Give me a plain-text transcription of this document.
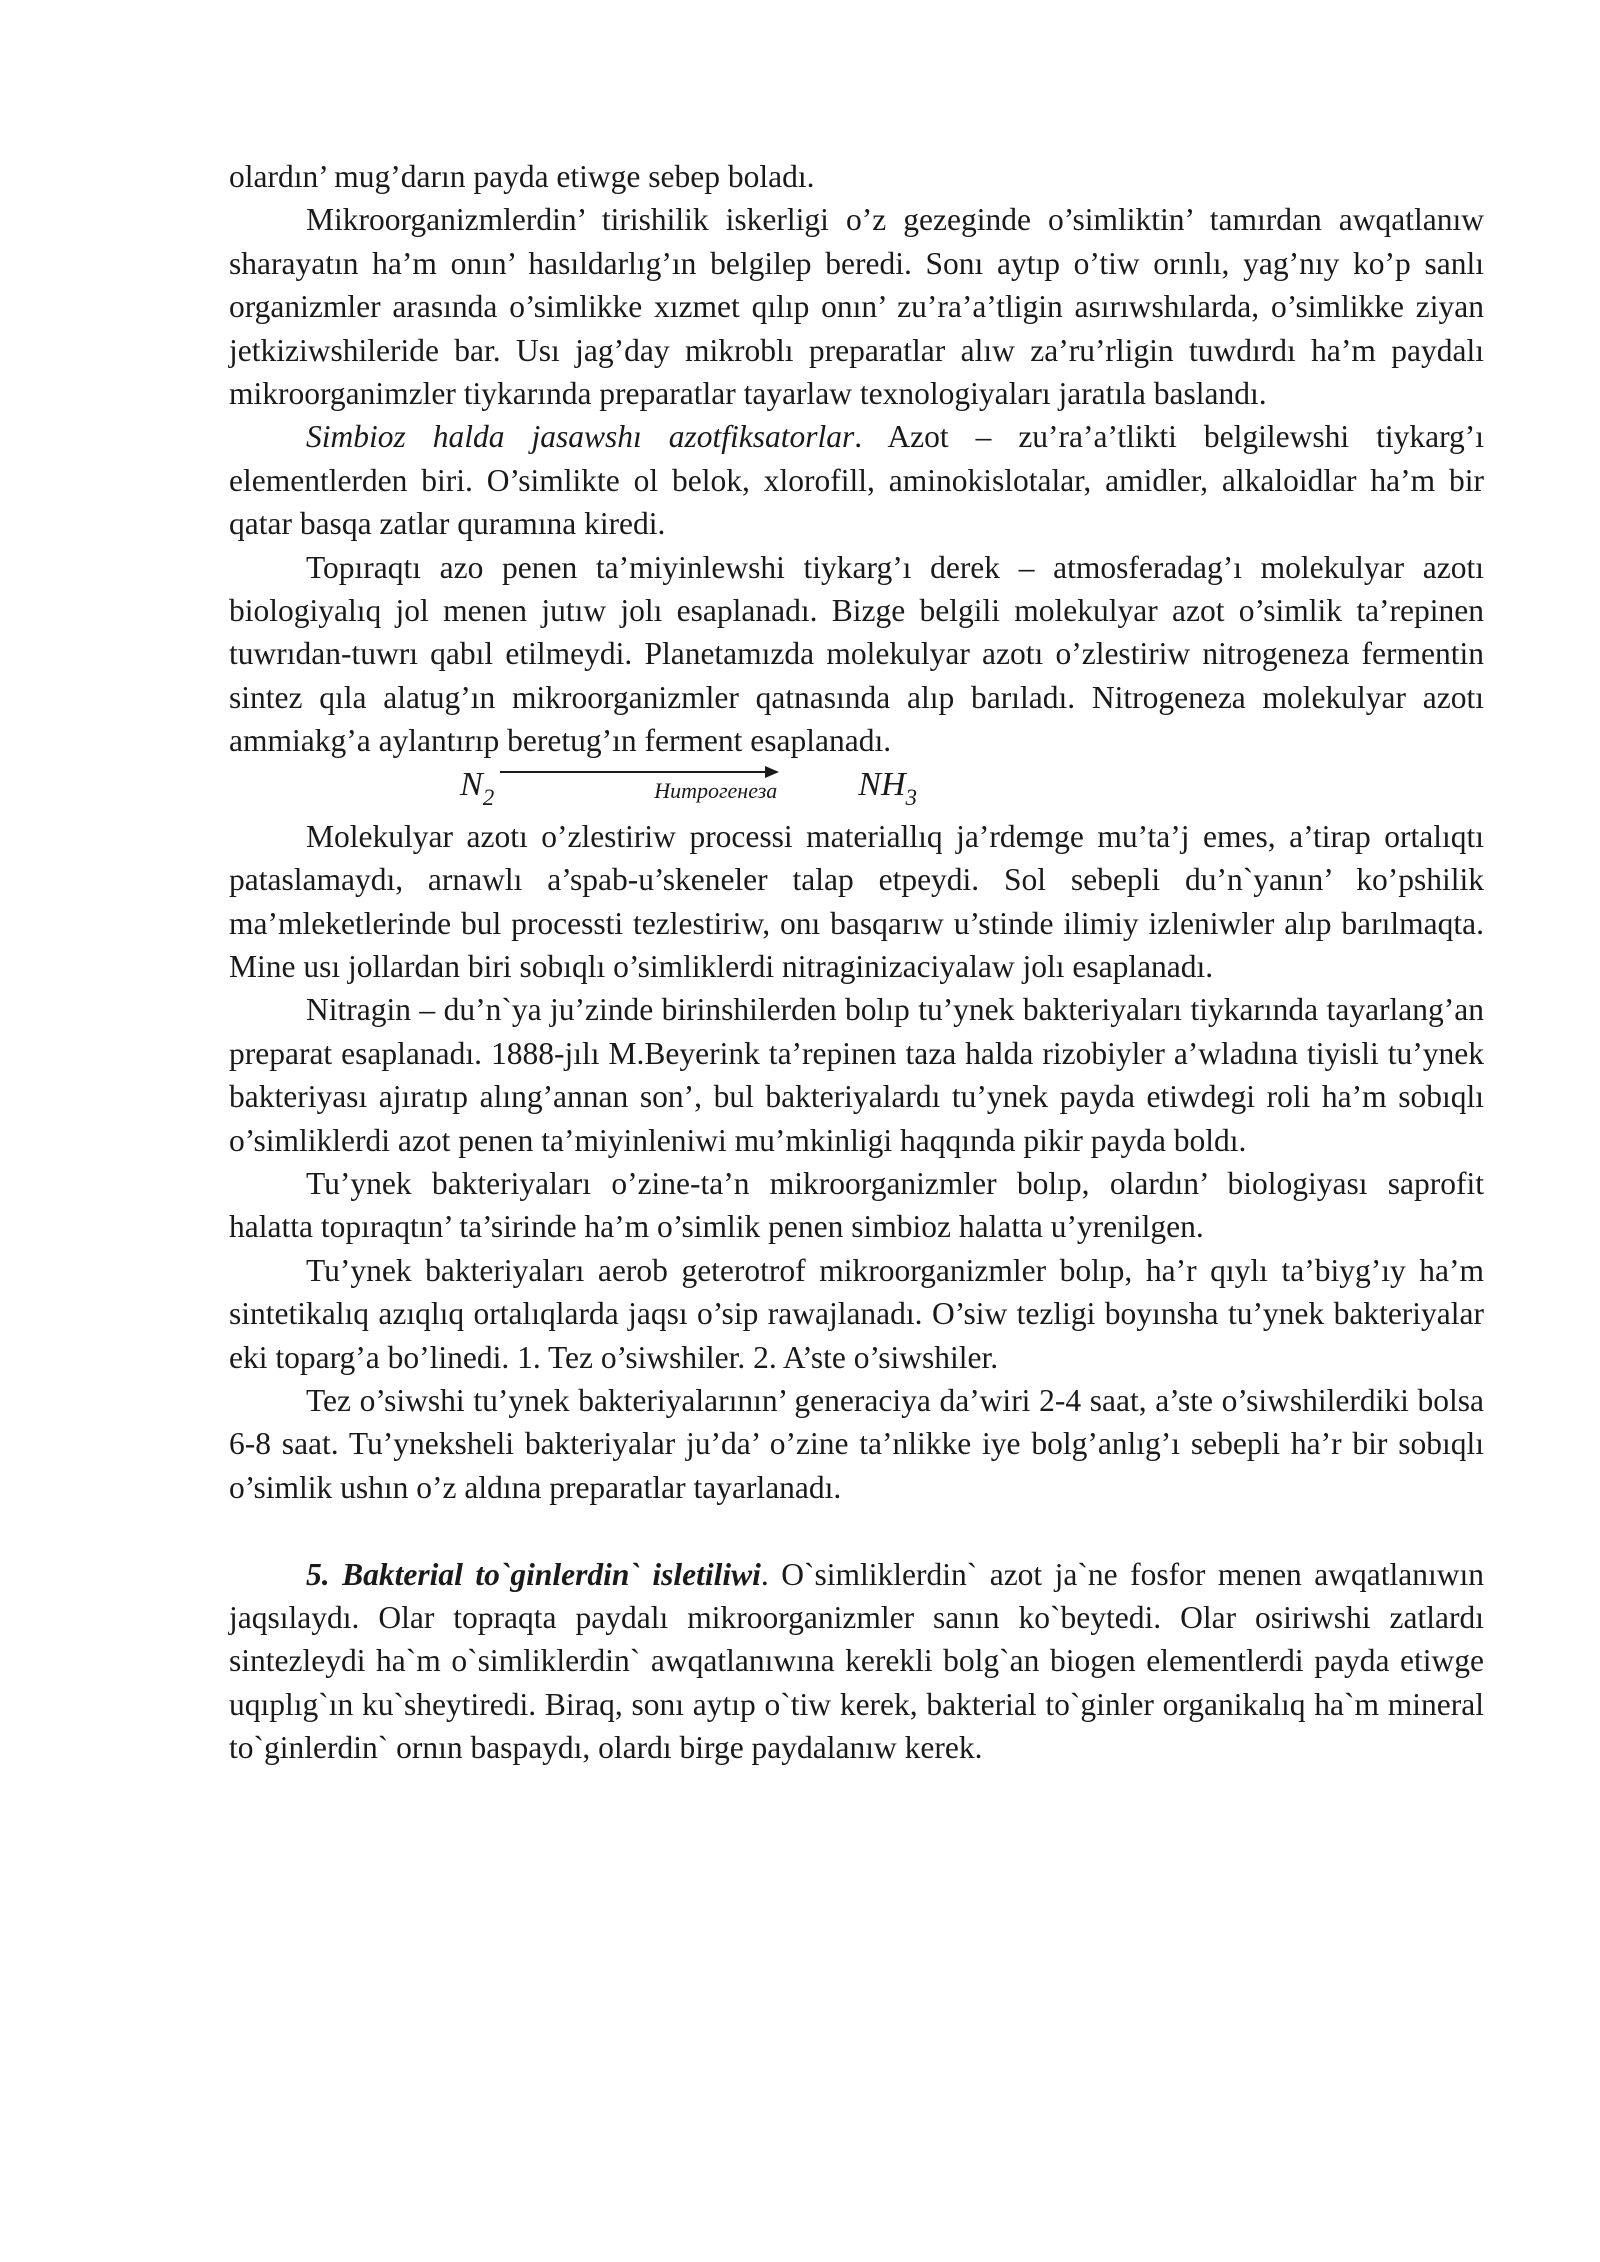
olardın’ mug’darın payda etiwge sebep boladı.

Mikroorganizmlerdin’ tirishilik iskerligi o’z gezeginde o’simliktin’ tamırdan awqatlanıw sharayatın ha’m onın’ hasıldarlıg’ın belgilep beredi. Sonı aytıp o’tiw orınlı, yag’nıy ko’p sanlı organizmler arasında o’simlikke xızmet qılıp onın’ zu’ra’a’tligin asırıwshılarda, o’simlikke ziyan jetkiziwshileride bar. Usı jag’day mikroblı preparatlar alıw za’ru’rligin tuwdırdı ha’m paydalı mikroorganimzler tiykarında preparatlar tayarlaw texnologiyaları jaratıla baslandı.

Simbioz halda jasawshı azotfiksatorlar. Azot – zu’ra’a’tlikti belgilewshi tiykarg’ı elementlerden biri. O’simlikte ol belok, xlorofill, aminokislotalar, amidler, alkaloidlar ha’m bir qatar basqa zatlar quramına kiredi.

Topıraqtı azo penen ta’miyinlewshi tiykarg’ı derek – atmosferadag’ı molekulyar azotı biologiyalıq jol menen jutıw jolı esaplanadı. Bizge belgili molekulyar azot o’simlik ta’repinen tuwrıdan-tuwrı qabıl etilmeydi. Planetamızda molekulyar azotı o’zlestiriw nitrogeneza fermentin sintez qıla alatug’ın mikroorganizmler qatnasında alıp barıladı. Nitrogeneza molekulyar azotı ammiakg’a aylantırıp beretug’ın ferment esaplanadı.

$N_2$	Нитрогенеза $NH_3$

Molekulyar azotı o’zlestiriw processi materiallıq ja’rdemge mu’ta’j emes, a’tirap ortalıqtı pataslamaydı, arnawlı a’spab-u’skeneler talap etpeydi. Sol sebepli du’n`yanın’ ko’pshilik ma’mleketlerinde bul processti tezlestiriw, onı basqarıw u’stinde ilimiy izleniwler alıp barılmaqta. Mine usı jollardan biri sobıqlı o’simliklerdi nitraginizaciyalaw jolı esaplanadı.

Nitragin – du’n`ya ju’zinde birinshilerden bolıp tu’ynek bakteriyaları tiykarında tayarlang’an preparat esaplanadı. 1888-jılı M.Beyerink ta’repinen taza halda rizobiyler a’wladına tiyisli tu’ynek bakteriyası ajıratıp alıng’annan son’, bul bakteriyalardı tu’ynek payda etiwdegi roli ha’m sobıqlı o’simliklerdi azot penen ta’miyinleniwi mu’mkinligi haqqında pikir payda boldı.

Tu’ynek bakteriyaları o’zine-ta’n mikroorganizmler bolıp, olardın’ biologiyası saprofit halatta topıraqtın’ ta’sirinde ha’m o’simlik penen simbioz halatta u’yrenilgen.

Tu’ynek bakteriyaları aerob geterotrof mikroorganizmler bolıp, ha’r qıylı ta’biyg’ıy ha’m sintetikalıq azıqlıq ortalıqlarda jaqsı o’sip rawajlanadı. O’siw tezligi boyınsha tu’ynek bakteriyalar eki toparg’a bo’linedi. 1. Tez o’siwshiler. 2. A’ste o’siwshiler.

Tez o’siwshi tu’ynek bakteriyalarının’ generaciya da’wiri 2-4 saat, a’ste o’siwshilerdiki bolsa 6-8 saat. Tu’yneksheli bakteriyalar ju’da’ o’zine ta’nlikke iye bolg’anlıg’ı sebepli ha’r bir sobıqlı o’simlik ushın o’z aldına preparatlar tayarlanadı.

5. Bakterial to`ginlerdin` isletiliwi. O`simliklerdin` azot ja`ne fosfor menen awqatlanıwın jaqsılaydı. Olar topraqta paydalı mikroorganizmler sanın ko`beytedi. Olar osiriwshi zatlardı sintezleydi ha`m o`simliklerdin` awqatlanıwına kerekli bolg`an biogen elementlerdi payda etiwge uqıplıg`ın ku`sheytiredi. Biraq, sonı aytıp o`tiw kerek, bakterial to`ginler organikalıq ha`m mineral to`ginlerdin` ornın baspaydı, olardı birge paydalanıw kerek.
